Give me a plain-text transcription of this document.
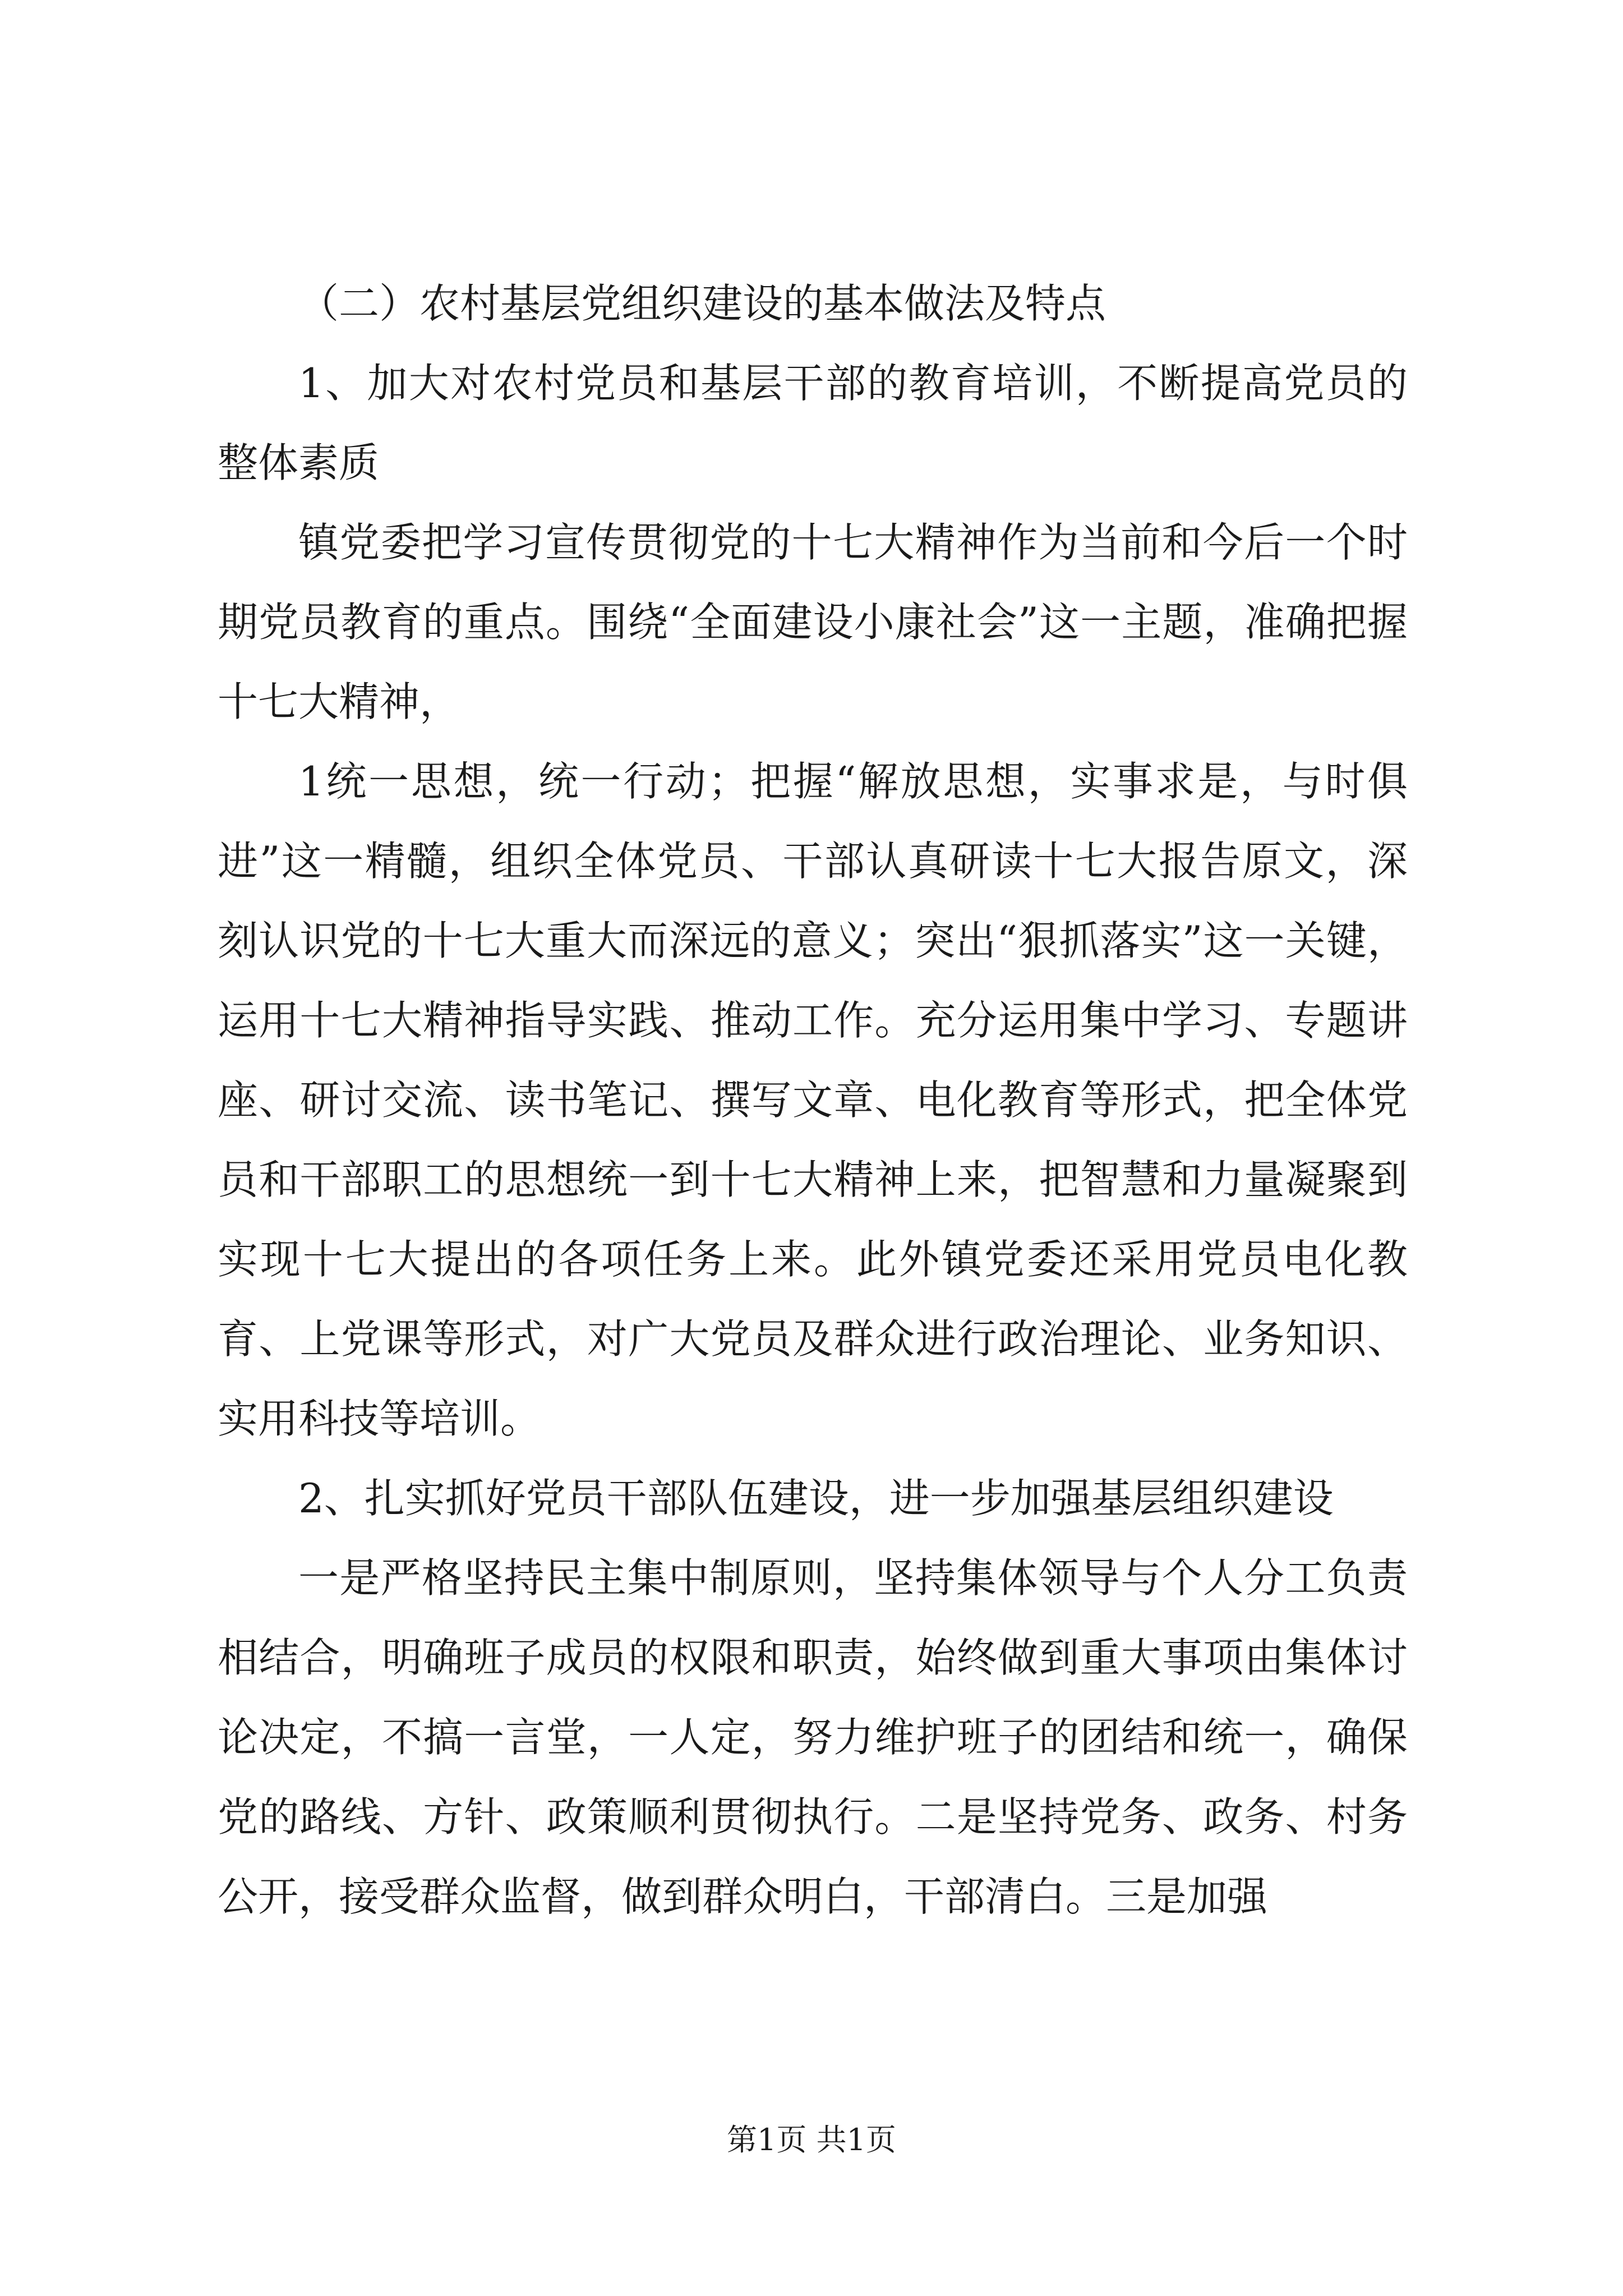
（二）农村基层党组织建设的基本做法及特点

1、加大对农村党员和基层干部的教育培训，不断提高党员的整体素质

镇党委把学习宣传贯彻党的十七大精神作为当前和今后一个时期党员教育的重点。围绕“全面建设小康社会”这一主题，准确把握十七大精神，

1统一思想，统一行动；把握“解放思想，实事求是，与时俱进”这一精髓，组织全体党员、干部认真研读十七大报告原文，深刻认识党的十七大重大而深远的意义；突出“狠抓落实”这一关键，运用十七大精神指导实践、推动工作。充分运用集中学习、专题讲座、研讨交流、读书笔记、撰写文章、电化教育等形式，把全体党员和干部职工的思想统一到十七大精神上来，把智慧和力量凝聚到实现十七大提出的各项任务上来。此外镇党委还采用党员电化教育、上党课等形式，对广大党员及群众进行政治理论、业务知识、实用科技等培训。

2、扎实抓好党员干部队伍建设，进一步加强基层组织建设

一是严格坚持民主集中制原则，坚持集体领导与个人分工负责相结合，明确班子成员的权限和职责，始终做到重大事项由集体讨论决定，不搞一言堂，一人定，努力维护班子的团结和统一，确保党的路线、方针、政策顺利贯彻执行。二是坚持党务、政务、村务公开，接受群众监督，做到群众明白，干部清白。三是加强

第1页 共1页
